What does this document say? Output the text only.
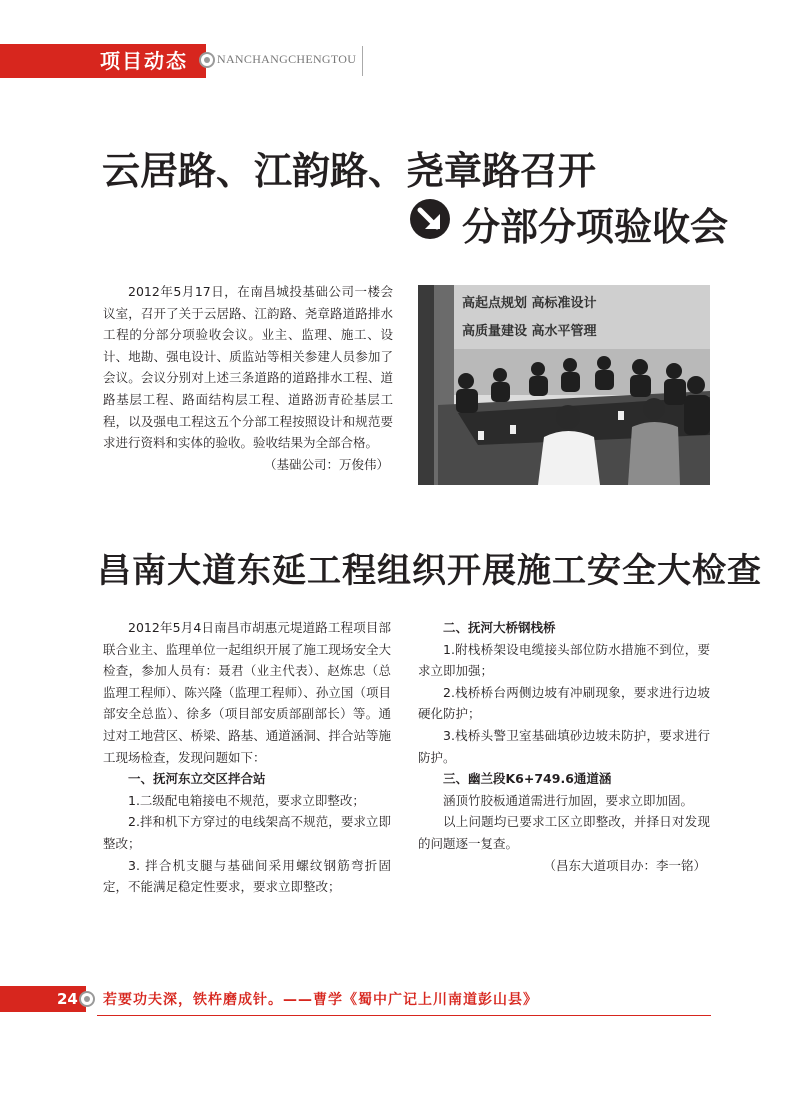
项目动态 NANCHANGCHENGTOU
云居路、江韵路、尧章路召开
分部分项验收会

2012年5月17日，在南昌城投基础公司一楼会议室，召开了关于云居路、江韵路、尧章路道路排水工程的分部分项验收会议。业主、监理、施工、设计、地勘、强电设计、质监站等相关参建人员参加了会议。会议分别对上述三条道路的道路排水工程、道路基层工程、路面结构层工程、道路沥青砼基层工程，以及强电工程这五个分部工程按照设计和规范要求进行资料和实体的验收。验收结果为全部合格。

（基础公司：万俊伟）

高起点规划 高标准设计
高质量建设 高水平管理
昌南大道东延工程组织开展施工安全大检查

2012年5月4日南昌市胡惠元堤道路工程项目部联合业主、监理单位一起组织开展了施工现场安全大检查，参加人员有：聂君（业主代表）、赵炼忠（总监理工程师）、陈兴隆（监理工程师）、孙立国（项目部安全总监）、徐多（项目部安质部副部长）等。通过对工地营区、桥梁、路基、通道涵洞、拌合站等施工现场检查，发现问题如下：

一、抚河东立交区拌合站

1.二级配电箱接电不规范，要求立即整改；

2.拌和机下方穿过的电线架高不规范，要求立即整改；

3. 拌合机支腿与基础间采用螺纹钢筋弯折固定，不能满足稳定性要求，要求立即整改；

二、抚河大桥钢栈桥

1.附栈桥架设电缆接头部位防水措施不到位，要求立即加强；

2.栈桥桥台两侧边坡有冲刷现象，要求进行边坡硬化防护；

3.栈桥头警卫室基础填砂边坡未防护，要求进行防护。

三、幽兰段K6+749.6通道涵

涵顶竹胶板通道需进行加固，要求立即加固。

以上问题均已要求工区立即整改，并择日对发现的问题逐一复查。

（昌东大道项目办：李一铭）

24 若要功夫深，铁杵磨成针。——曹学《蜀中广记上川南道彭山县》
